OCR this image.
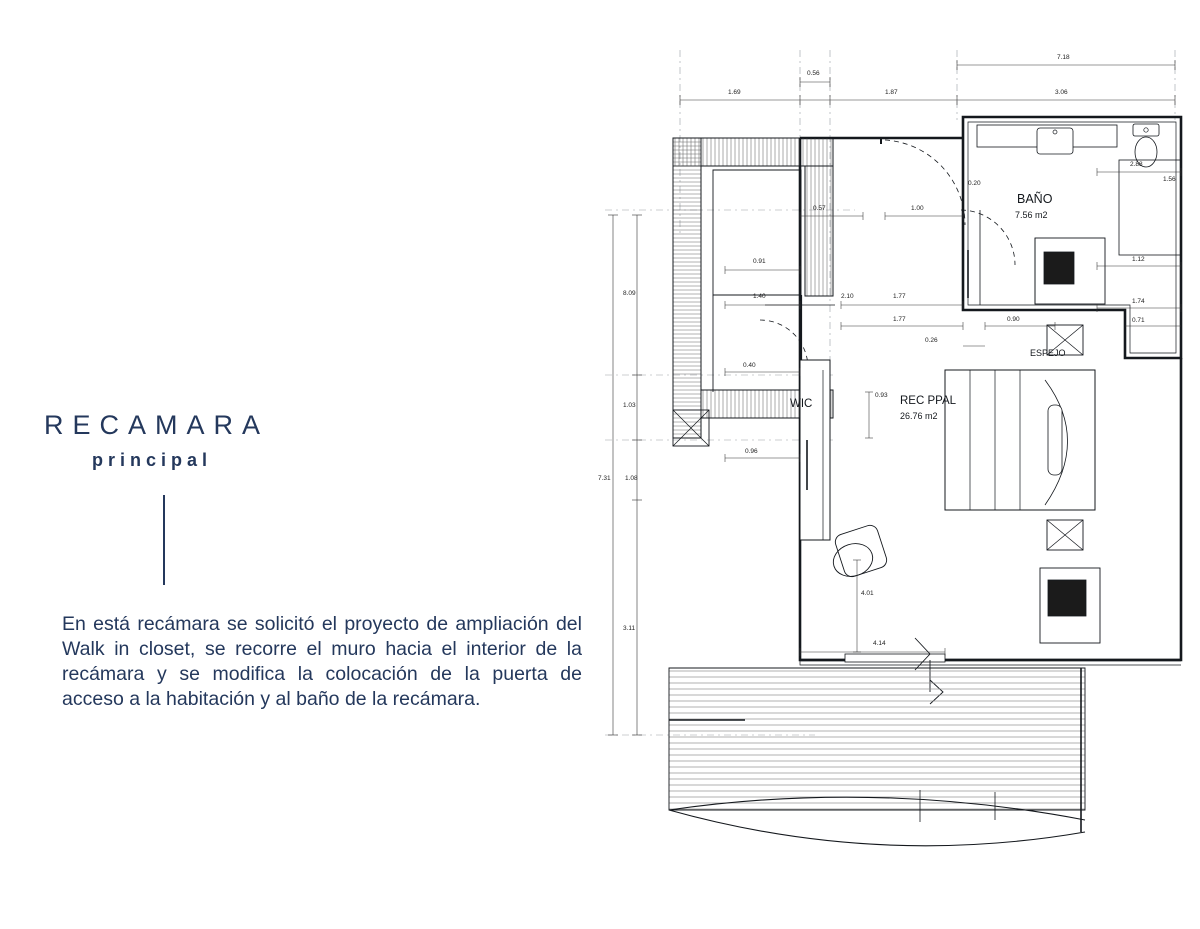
RECAMARA
principal

En está recámara se solicitó el proyecto de ampliación del Walk in closet, se recorre el muro hacia el interior de la recámara y se modifica la colocación de la puerta de acceso a la habitación y al baño de la recámara.

BAÑO
7.56 m2
REC PPAL
26.76 m2
WIC
ESPEJO
0.56
7.18
1.69	1.87	3.06
0.57	1.00
0.20
2.88
1.56
0.91
1.40	2.10	1.77
1.77
0.26
0.90
1.12
1.74
0.71
0.40
0.93
0.96
4.01
4.14
8.09
1.03
7.31 1.08
3.11
